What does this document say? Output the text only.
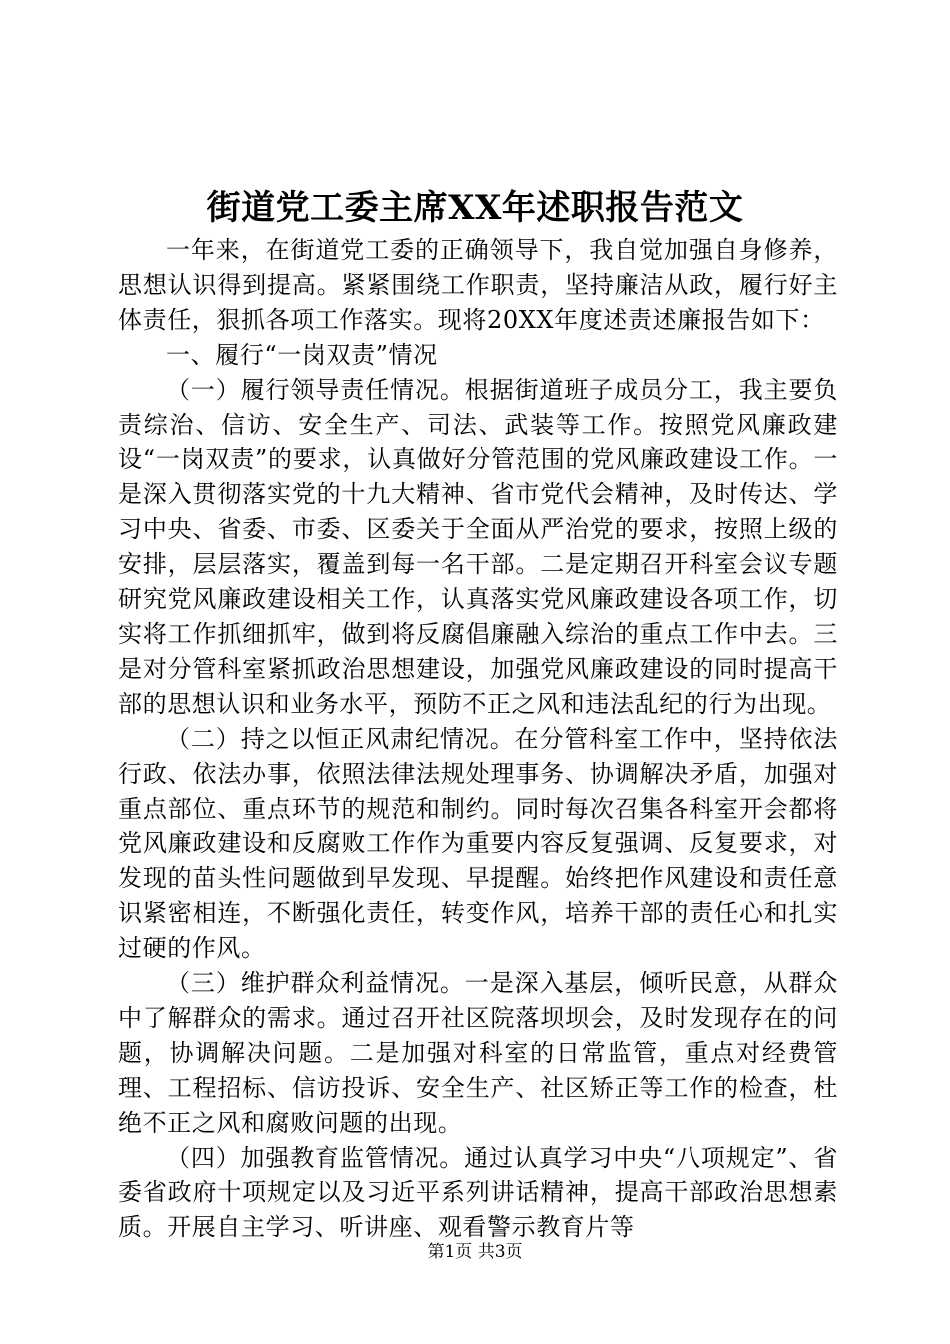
街道党工委主席XX年述职报告范文

一年来，在街道党工委的正确领导下，我自觉加强自身修养，思想认识得到提高。紧紧围绕工作职责，坚持廉洁从政，履行好主体责任，狠抓各项工作落实。现将20XX年度述责述廉报告如下：

一、履行“一岗双责”情况

（一）履行领导责任情况。根据街道班子成员分工，我主要负责综治、信访、安全生产、司法、武装等工作。按照党风廉政建设“一岗双责”的要求，认真做好分管范围的党风廉政建设工作。一是深入贯彻落实党的十九大精神、省市党代会精神，及时传达、学习中央、省委、市委、区委关于全面从严治党的要求，按照上级的安排，层层落实，覆盖到每一名干部。二是定期召开科室会议专题研究党风廉政建设相关工作，认真落实党风廉政建设各项工作，切实将工作抓细抓牢，做到将反腐倡廉融入综治的重点工作中去。三是对分管科室紧抓政治思想建设，加强党风廉政建设的同时提高干部的思想认识和业务水平，预防不正之风和违法乱纪的行为出现。

（二）持之以恒正风肃纪情况。在分管科室工作中，坚持依法行政、依法办事，依照法律法规处理事务、协调解决矛盾，加强对重点部位、重点环节的规范和制约。同时每次召集各科室开会都将党风廉政建设和反腐败工作作为重要内容反复强调、反复要求，对发现的苗头性问题做到早发现、早提醒。始终把作风建设和责任意识紧密相连，不断强化责任，转变作风，培养干部的责任心和扎实过硬的作风。

（三）维护群众利益情况。一是深入基层，倾听民意，从群众中了解群众的需求。通过召开社区院落坝坝会，及时发现存在的问题，协调解决问题。二是加强对科室的日常监管，重点对经费管理、工程招标、信访投诉、安全生产、社区矫正等工作的检查，杜绝不正之风和腐败问题的出现。

（四）加强教育监管情况。通过认真学习中央“八项规定”、省委省政府十项规定以及习近平系列讲话精神，提高干部政治思想素质。开展自主学习、听讲座、观看警示教育片等

第1页 共3页
